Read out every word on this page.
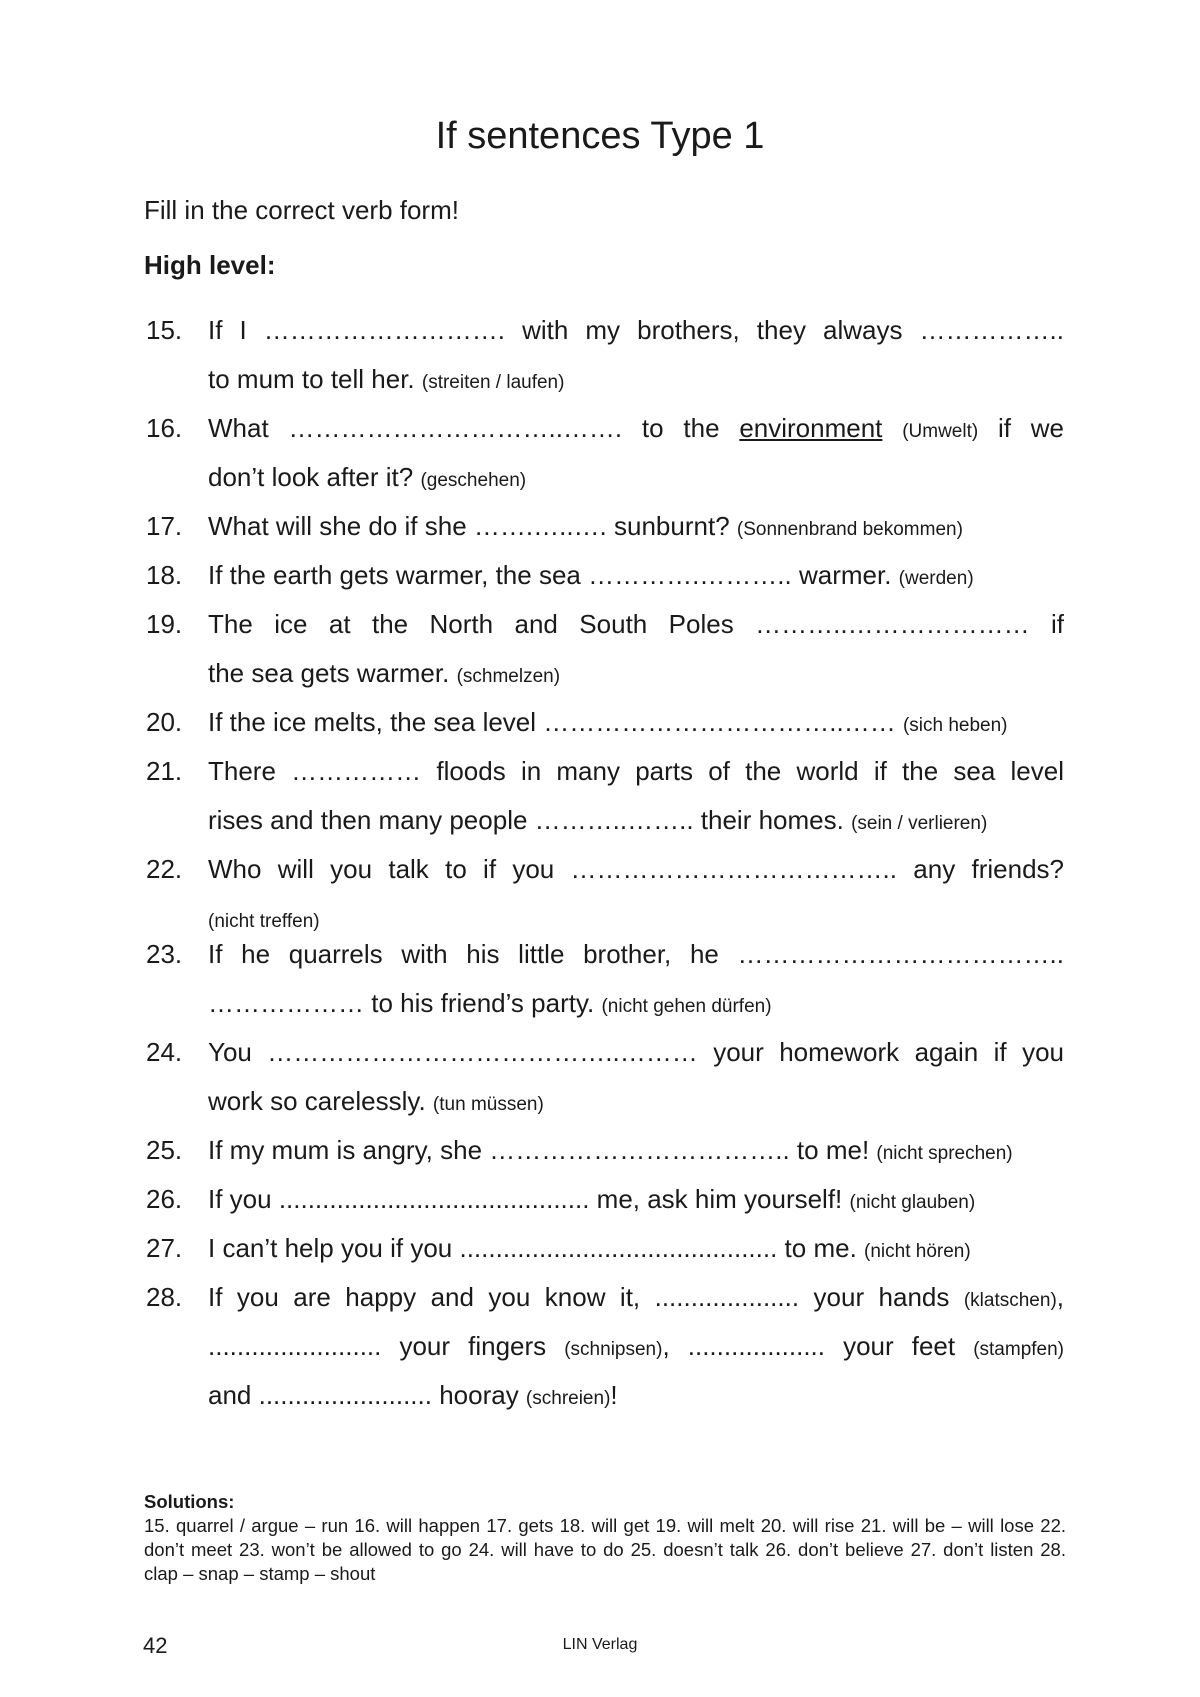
If sentences Type 1
Fill in the correct verb form!
High level:
15. If I ………………………. with my brothers, they always ……………..
to mum to tell her. (streiten / laufen)
16. What …………………………..……. to the environment (Umwelt) if we
don’t look after it? (geschehen)
17. What will she do if she …….…..…. sunburnt? (Sonnenbrand bekommen)
18. If the earth gets warmer, the sea ………….……….. warmer. (werden)
19. The ice at the North and South Poles ………..………………… if
the sea gets warmer. (schmelzen)
20. If the ice melts, the sea level ……………………………..…… (sich heben)
21. There …………… floods in many parts of the world if the sea level
rises and then many people ………..…….. their homes. (sein / verlieren)
22. Who will you talk to if you ……………………………….. any friends?
(nicht treffen)
23. If he quarrels with his little brother, he ………………………………..
……………… to his friend’s party. (nicht gehen dürfen)
24. You …………………………………..……… your homework again if you
work so carelessly. (tun müssen)
25. If my mum is angry, she …………………………….. to me! (nicht sprechen)
26. If you ........................................... me, ask him yourself! (nicht glauben)
27. I can’t help you if you ............................................ to me. (nicht hören)
28. If you are happy and you know it, .................... your hands (klatschen),
........................ your fingers (schnipsen), ................... your feet (stampfen)
and ........................ hooray (schreien)!
Solutions:
15. quarrel / argue – run 16. will happen 17. gets 18. will get 19. will melt 20. will rise 21. will be – will lose 22. don’t meet 23. won’t be allowed to go 24. will have to do 25. doesn’t talk 26. don’t believe 27. don’t listen 28. clap – snap – stamp – shout
42	LIN Verlag
